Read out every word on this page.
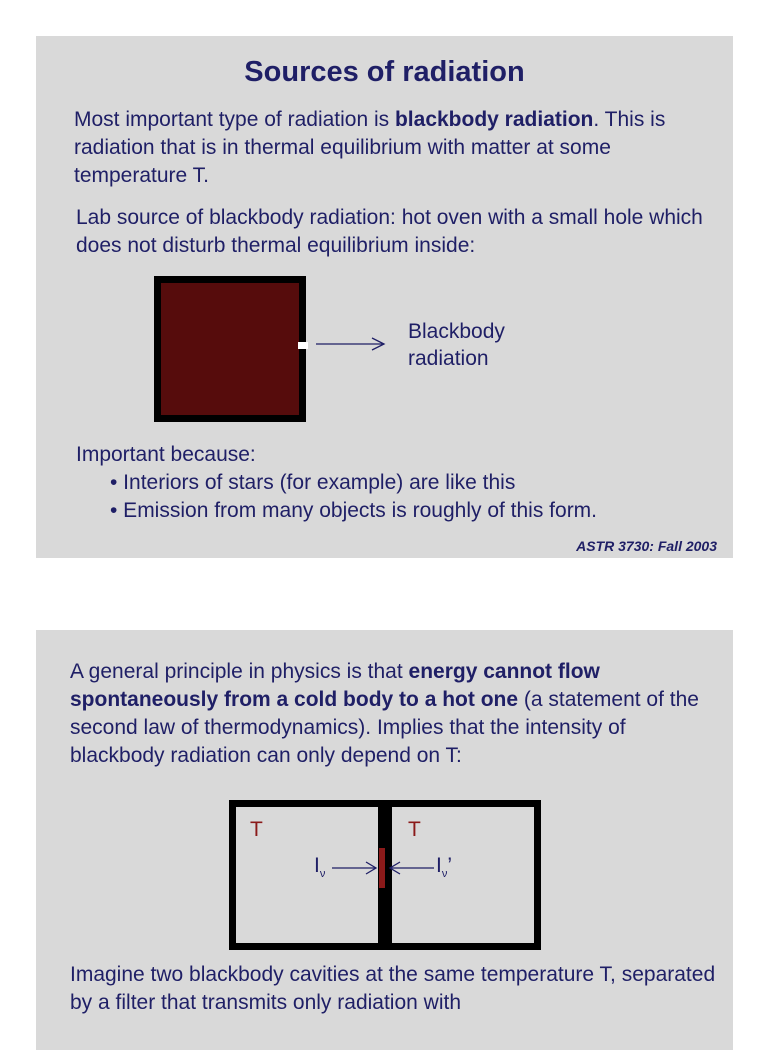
Sources of radiation
Most important type of radiation is blackbody radiation. This is radiation that is in thermal equilibrium with matter at some temperature T.
Lab source of blackbody radiation: hot oven with a small hole which does not disturb thermal equilibrium inside:
Blackbody
radiation
Important because:
• Interiors of stars (for example) are like this
• Emission from many objects is roughly of this form.
ASTR 3730: Fall 2003
A general principle in physics is that energy cannot flow spontaneously from a cold body to a hot one (a statement of the second law of thermodynamics). Implies that the intensity of blackbody radiation can only depend on T:
T	T
$I_\nu$	$I_\nu$’
Imagine two blackbody cavities at the same temperature T, separated by a filter that transmits only radiation with
